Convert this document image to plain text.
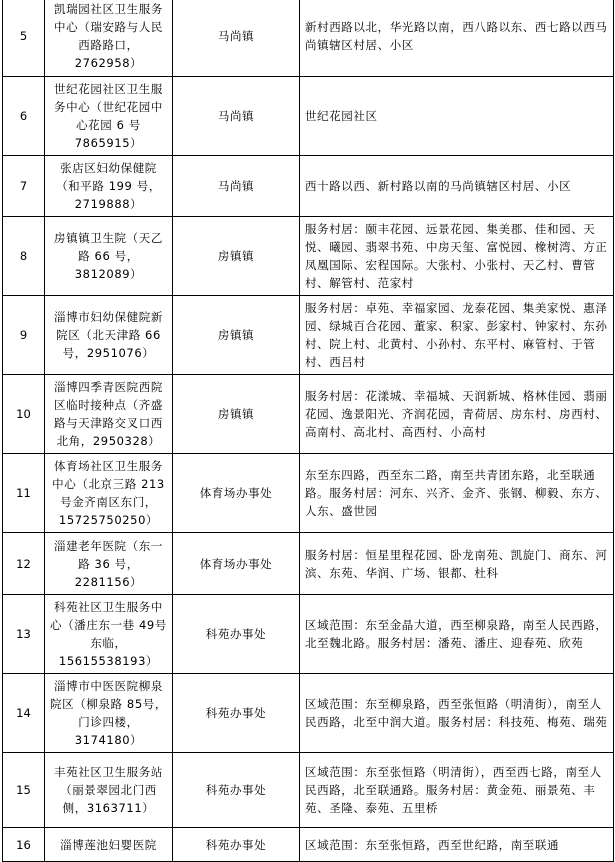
5	凯瑞园社区卫生服务中心（瑞安路与人民西路路口，2762958）	马尚镇	新村西路以北，华光路以南，西八路以东、西七路以西马尚镇辖区村居、小区
6	世纪花园社区卫生服务中心（世纪花园中心花园 6 号 7865915）	马尚镇	世纪花园社区
7	张店区妇幼保健院（和平路 199 号，2719888）	马尚镇	西十路以西、新村路以南的马尚镇辖区村居、小区
8	房镇镇卫生院（天乙路 66 号，3812089）	房镇镇	服务村居：颐丰花园、远景花园、集美郡、佳和园、天悦、曦园、翡翠书苑、中房天玺、富悦园、橡树湾、方正凤凰国际、宏程国际。大张村、小张村、天乙村、曹管村、解管村、范家村
9	淄博市妇幼保健院新院区（北天津路 66号，2951076）	房镇镇	服务村居：卓苑、幸福家园、龙泰花园、集美家悦、惠泽园、绿城百合花园、董家、积家、彭家村、钟家村、东孙村、院上村、北黄村、小孙村、东平村、麻管村、于管村、西吕村
10	淄博四季青医院西院区临时接种点（齐盛路与天津路交叉口西北角，2950328）	房镇镇	服务村居：花漾城、幸福城、天润新城、格林佳园、翡丽花园、逸景阳光、齐润花园，青荷居、房东村、房西村、高南村、高北村、高西村、小高村
11	体育场社区卫生服务中心（北京三路 213 号金齐南区东门，15725750250）	体育场办事处	东至东四路，西至东二路，南至共青团东路，北至联通路。服务村居：河东、兴齐、金齐、张钢、柳毅、东方、人东、盛世园
12	淄建老年医院（东一路 36 号，2281156）	体育场办事处	服务村居：恒星里程花园、卧龙南苑、凯旋门、商东、河滨、东苑、华润、广场、银都、杜科
13	科苑社区卫生服务中心（潘庄东一巷 49号东临，15615538193）	科苑办事处	区域范围：东至金晶大道，西至柳泉路，南至人民西路，北至魏北路。服务村居：潘苑、潘庄、迎春苑、欣苑
14	淄博市中医医院柳泉院区（柳泉路 85号，门诊四楼，3174180）	科苑办事处	区域范围：东至柳泉路，西至张恒路（明清街），南至人民西路，北至中润大道。服务村居：科技苑、梅苑、瑞苑
15	丰苑社区卫生服务站（丽景翠园北门西侧，3163711）	科苑办事处	区域范围：东至张恒路（明清街），西至西七路，南至人民西路，北至联通路。服务村居：黄金苑、丽景苑、丰苑、圣隆、泰苑、五里桥
16	淄博莲池妇婴医院	科苑办事处	区域范围：东至张恒路，西至世纪路，南至联通
